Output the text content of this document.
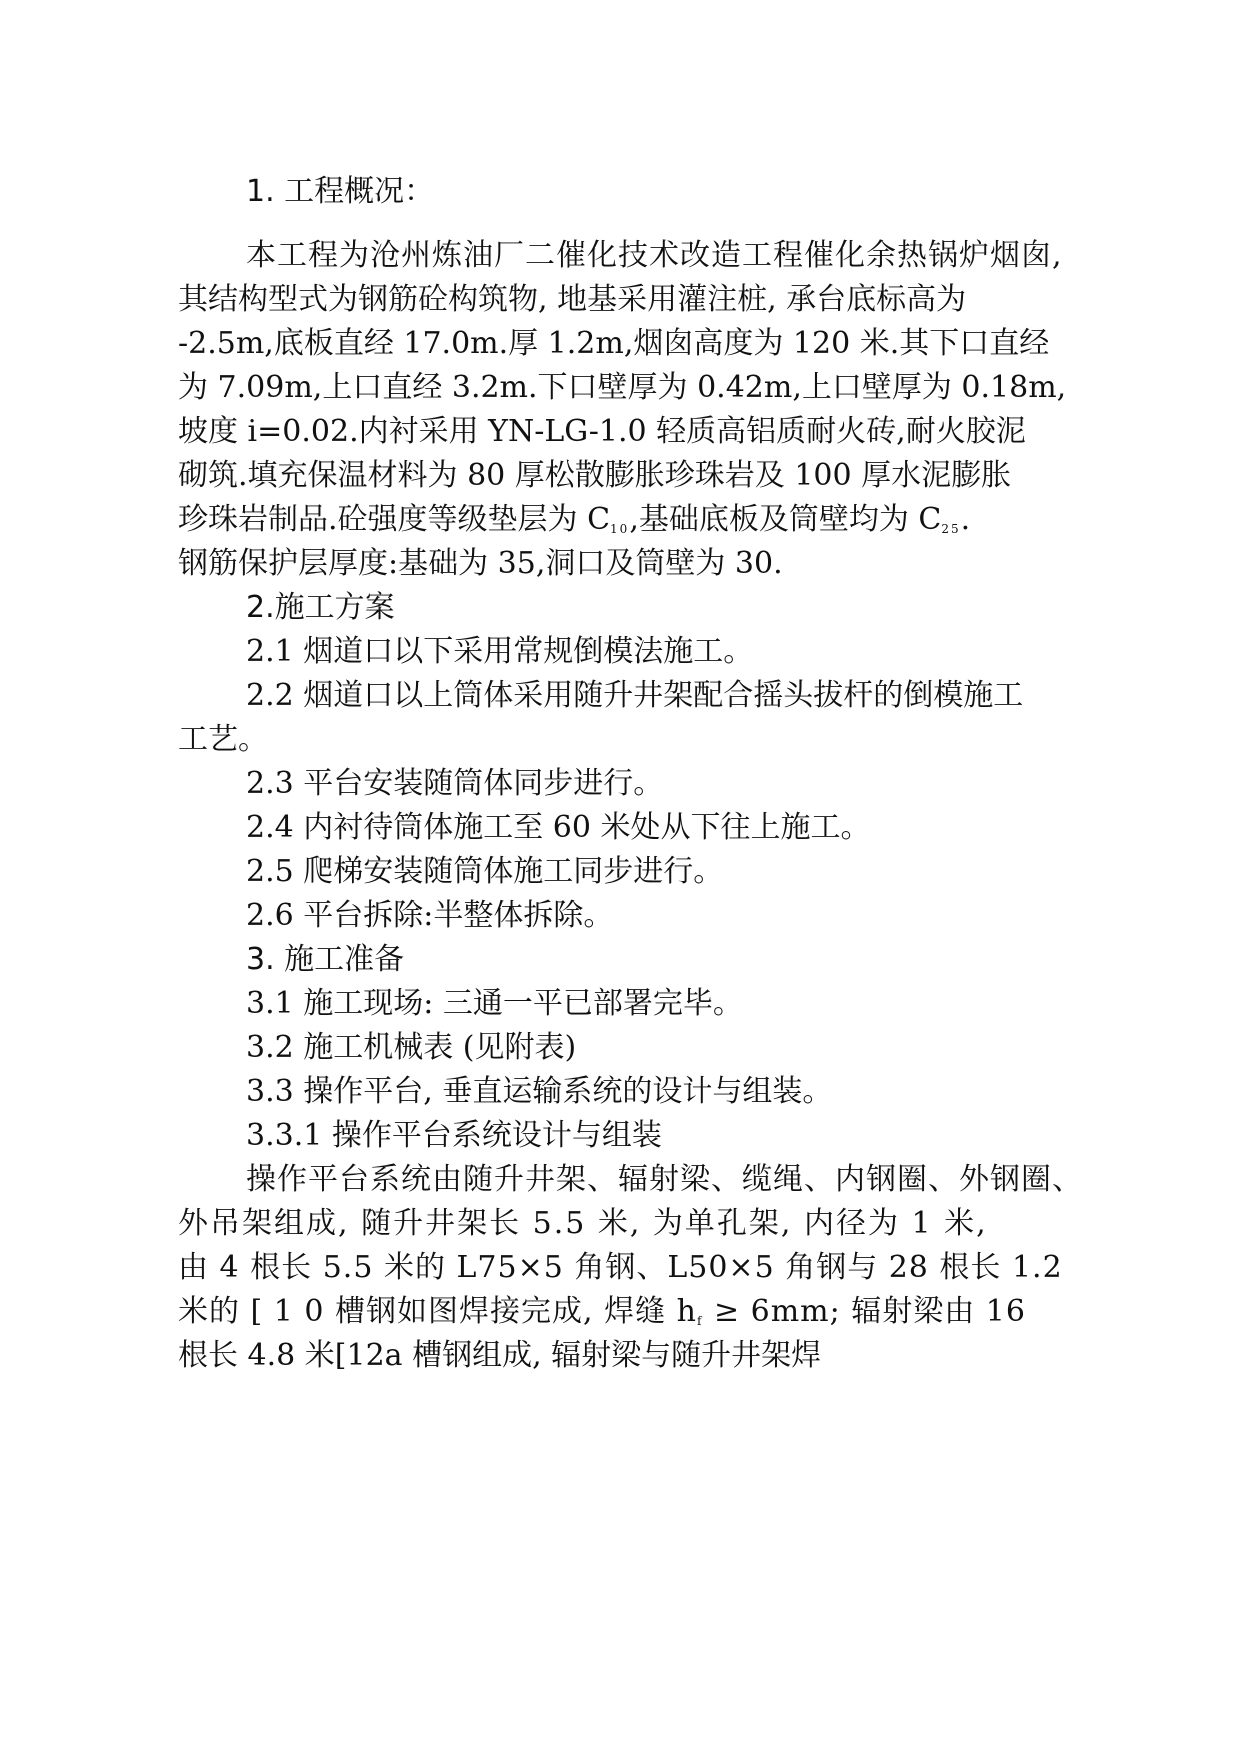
1. 工程概况：
本工程为沧州炼油厂二催化技术改造工程催化余热锅炉烟囱,
其结构型式为钢筋砼构筑物, 地基采用灌注桩, 承台底标高为
-2.5m,底板直经 17.0m.厚 1.2m,烟囱高度为 120 米.其下口直经
为 7.09m,上口直经 3.2m.下口壁厚为 0.42m,上口壁厚为 0.18m,
坡度 i=0.02.内衬采用 YN-LG-1.0 轻质高铝质耐火砖,耐火胶泥
砌筑.填充保温材料为 80 厚松散膨胀珍珠岩及 100 厚水泥膨胀
珍珠岩制品.砼强度等级垫层为 $C_{10}$,基础底板及筒壁均为 $C_{25}$.
钢筋保护层厚度:基础为 35,洞口及筒壁为 30.
2.施工方案
2.1 烟道口以下采用常规倒模法施工。
2.2 烟道口以上筒体采用随升井架配合摇头拔杆的倒模施工
工艺。
2.3 平台安装随筒体同步进行。
2.4 内衬待筒体施工至 60 米处从下往上施工。
2.5 爬梯安装随筒体施工同步进行。
2.6 平台拆除:半整体拆除。
3. 施工准备
3.1 施工现场: 三通一平已部署完毕。
3.2 施工机械表 (见附表)
3.3 操作平台, 垂直运输系统的设计与组装。
3.3.1 操作平台系统设计与组装
操作平台系统由随升井架、辐射梁、缆绳、内钢圈、外钢圈、
外吊架组成, 随升井架长 5.5 米, 为单孔架, 内径为 1 米,
由 4 根长 5.5 米的 L75×5 角钢、L50×5 角钢与 28 根长 1.2
米的 [ 1 0 槽钢如图焊接完成, 焊缝 $h_f \ge 6mm$; 辐射梁由 16
根长 4.8 米[12a 槽钢组成, 辐射梁与随升井架焊
